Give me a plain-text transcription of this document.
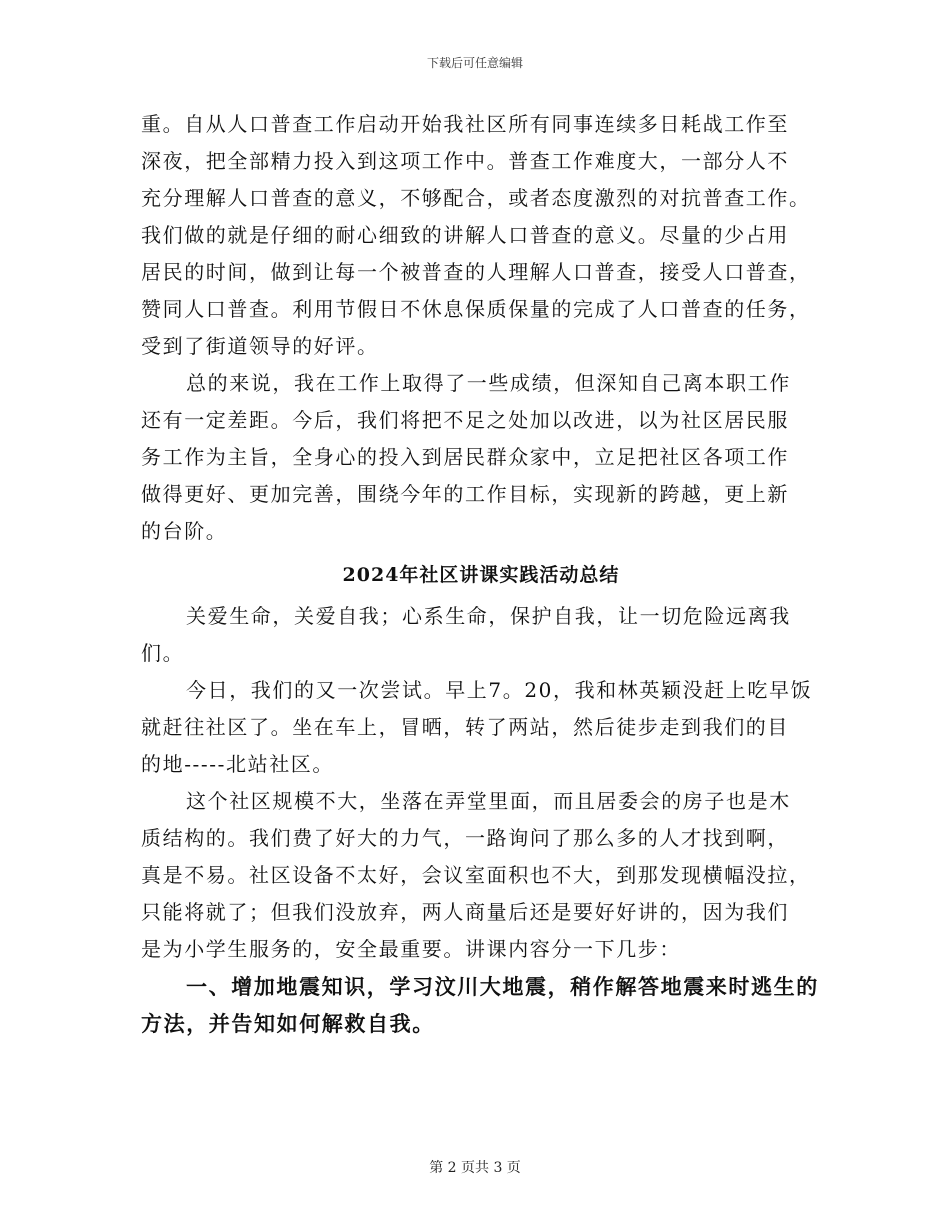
下载后可任意编辑
重。自从人口普查工作启动开始我社区所有同事连续多日耗战工作至
深夜，把全部精力投入到这项工作中。普查工作难度大，一部分人不
充分理解人口普查的意义，不够配合，或者态度激烈的对抗普查工作。
我们做的就是仔细的耐心细致的讲解人口普查的意义。尽量的少占用
居民的时间，做到让每一个被普查的人理解人口普查，接受人口普查，
赞同人口普查。利用节假日不休息保质保量的完成了人口普查的任务，
受到了街道领导的好评。
总的来说，我在工作上取得了一些成绩，但深知自己离本职工作
还有一定差距。今后，我们将把不足之处加以改进，以为社区居民服
务工作为主旨，全身心的投入到居民群众家中，立足把社区各项工作
做得更好、更加完善，围绕今年的工作目标，实现新的跨越，更上新
的台阶。
2024年社区讲课实践活动总结
关爱生命，关爱自我；心系生命，保护自我，让一切危险远离我
们。
今日，我们的又一次尝试。早上7。20，我和林英颖没赶上吃早饭
就赶往社区了。坐在车上，冒晒，转了两站，然后徒步走到我们的目
的地-----北站社区。
这个社区规模不大，坐落在弄堂里面，而且居委会的房子也是木
质结构的。我们费了好大的力气，一路询问了那么多的人才找到啊，
真是不易。社区设备不太好，会议室面积也不大，到那发现横幅没拉，
只能将就了；但我们没放弃，两人商量后还是要好好讲的，因为我们
是为小学生服务的，安全最重要。讲课内容分一下几步：
一、增加地震知识，学习汶川大地震，稍作解答地震来时逃生的
方法，并告知如何解救自我。
第 2 页共 3 页
